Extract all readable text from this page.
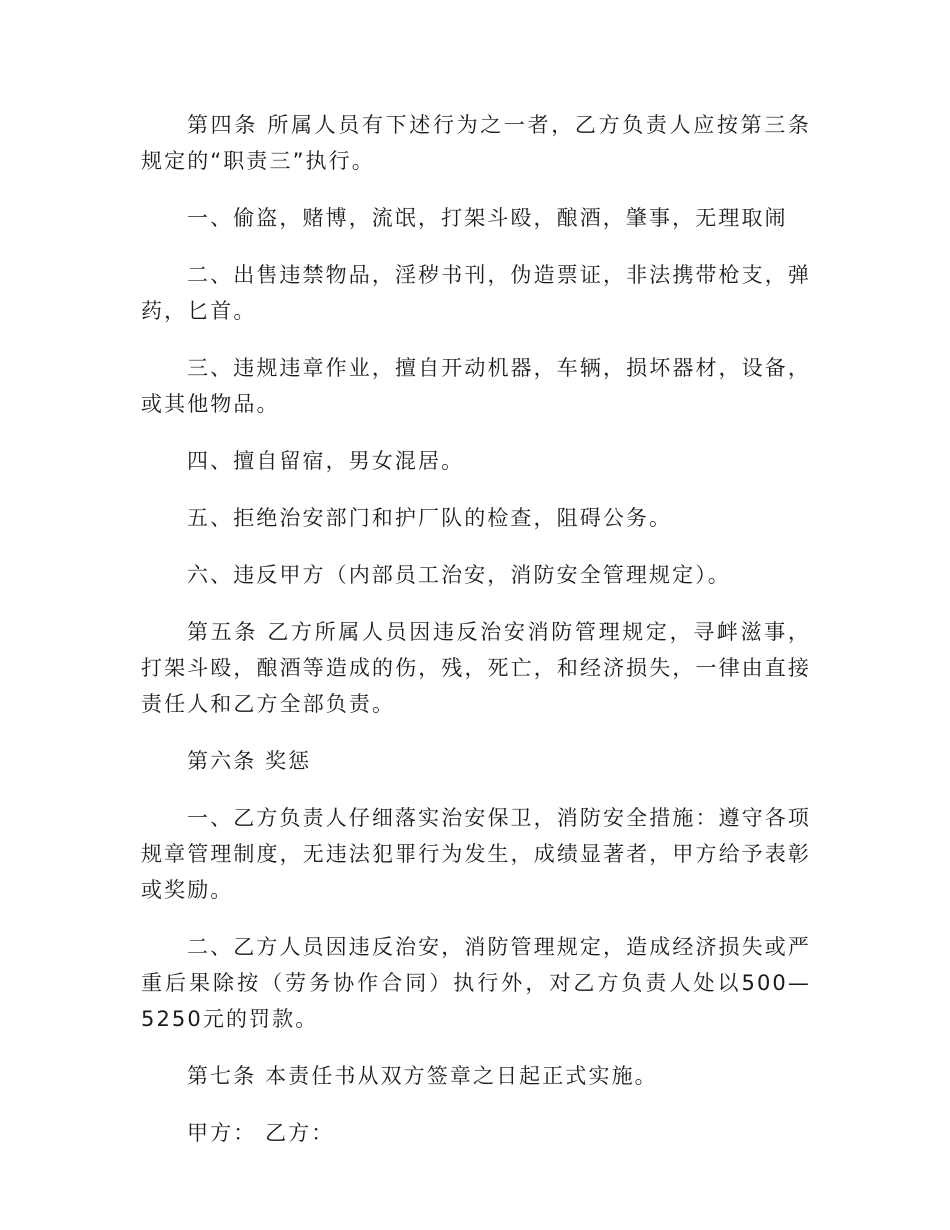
第四条 所属人员有下述行为之一者，乙方负责人应按第三条规定的“职责三”执行。

一、偷盗，赌博，流氓，打架斗殴，酿酒，肇事，无理取闹

二、出售违禁物品，淫秽书刊，伪造票证，非法携带枪支，弹药，匕首。

三、违规违章作业，擅自开动机器，车辆，损坏器材，设备，或其他物品。

四、擅自留宿，男女混居。

五、拒绝治安部门和护厂队的检查，阻碍公务。

六、违反甲方（内部员工治安，消防安全管理规定）。

第五条 乙方所属人员因违反治安消防管理规定，寻衅滋事，打架斗殴，酿酒等造成的伤，残，死亡，和经济损失，一律由直接责任人和乙方全部负责。

第六条 奖惩

一、乙方负责人仔细落实治安保卫，消防安全措施：遵守各项规章管理制度，无违法犯罪行为发生，成绩显著者，甲方给予表彰或奖励。

二、乙方人员因违反治安，消防管理规定，造成经济损失或严重后果除按（劳务协作合同）执行外，对乙方负责人处以500—5250元的罚款。

第七条 本责任书从双方签章之日起正式实施。

甲方： 乙方：
